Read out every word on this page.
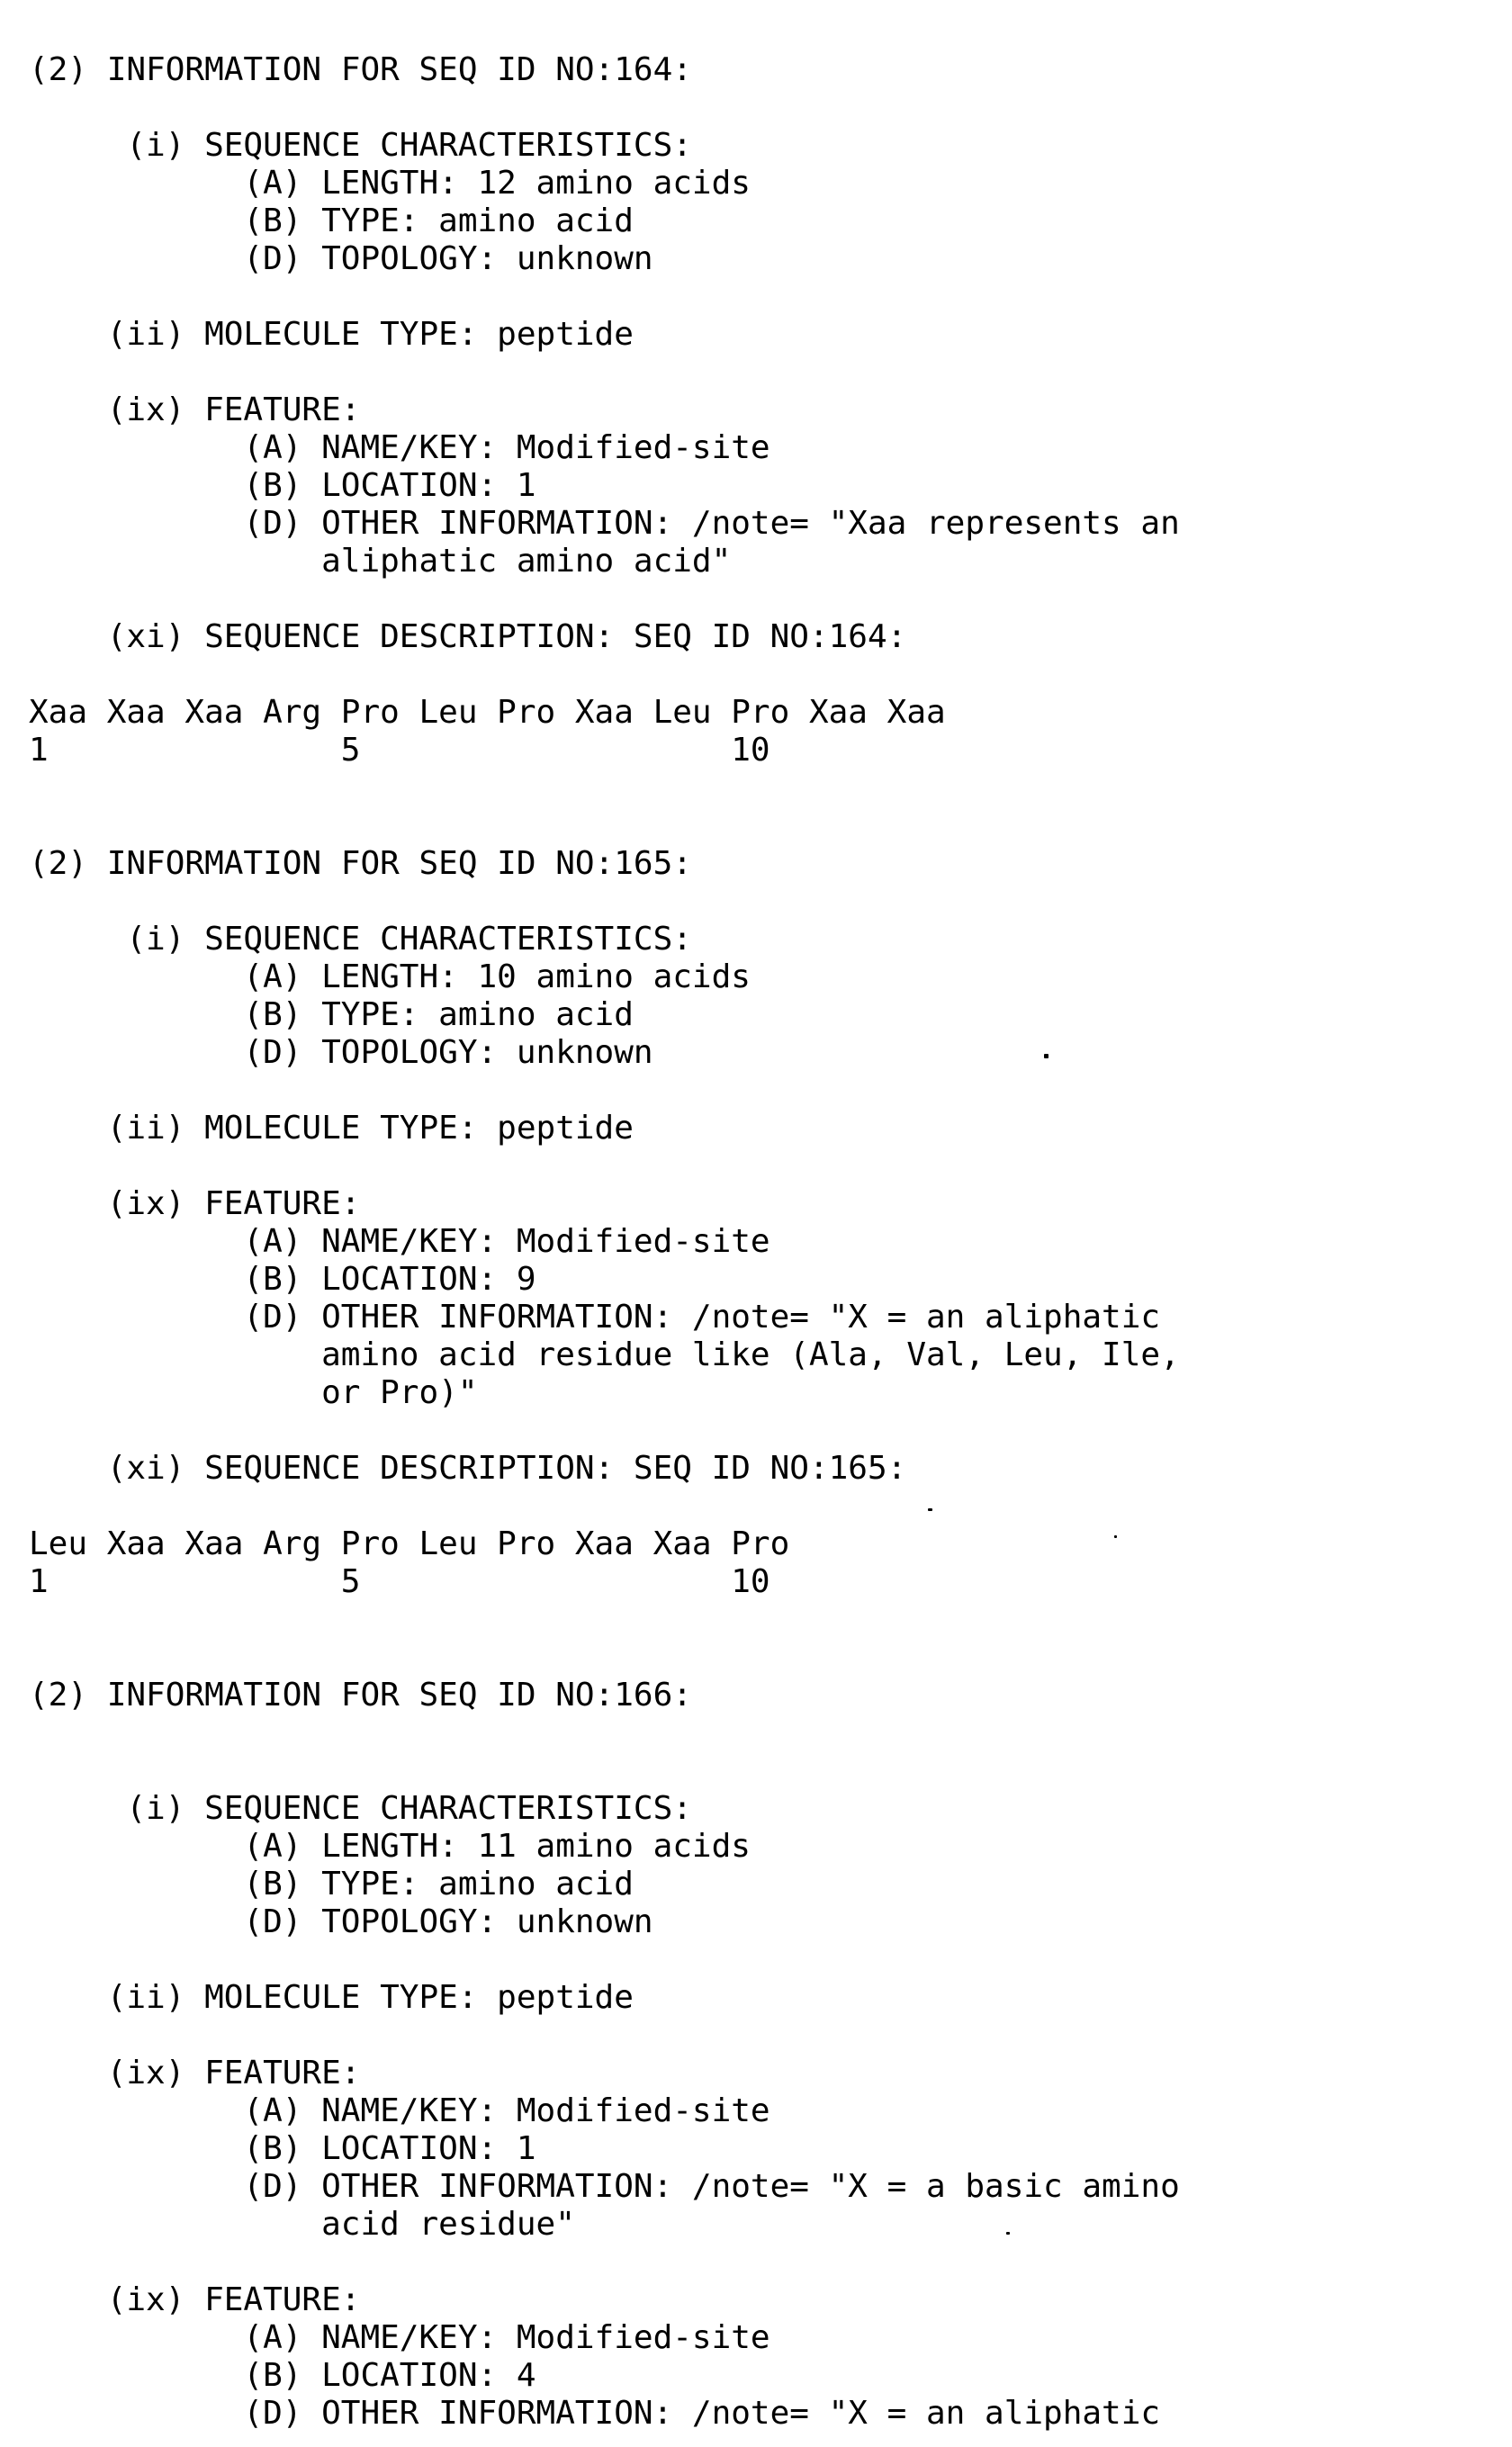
(2) INFORMATION FOR SEQ ID NO:164:
(i) SEQUENCE CHARACTERISTICS:
(A) LENGTH: 12 amino acids
(B) TYPE: amino acid
(D) TOPOLOGY: unknown
(ii) MOLECULE TYPE: peptide
(ix) FEATURE:
(A) NAME/KEY: Modified-site
(B) LOCATION: 1
(D) OTHER INFORMATION: /note= "Xaa represents an
aliphatic amino acid"
(xi) SEQUENCE DESCRIPTION: SEQ ID NO:164:
Xaa Xaa Xaa Arg Pro Leu Pro Xaa Leu Pro Xaa Xaa
1               5                   10
(2) INFORMATION FOR SEQ ID NO:165:
(i) SEQUENCE CHARACTERISTICS:
(A) LENGTH: 10 amino acids
(B) TYPE: amino acid
(D) TOPOLOGY: unknown
(ii) MOLECULE TYPE: peptide
(ix) FEATURE:
(A) NAME/KEY: Modified-site
(B) LOCATION: 9
(D) OTHER INFORMATION: /note= "X = an aliphatic
amino acid residue like (Ala, Val, Leu, Ile,
or Pro)"
(xi) SEQUENCE DESCRIPTION: SEQ ID NO:165:
Leu Xaa Xaa Arg Pro Leu Pro Xaa Xaa Pro
1               5                   10
(2) INFORMATION FOR SEQ ID NO:166:
(i) SEQUENCE CHARACTERISTICS:
(A) LENGTH: 11 amino acids
(B) TYPE: amino acid
(D) TOPOLOGY: unknown
(ii) MOLECULE TYPE: peptide
(ix) FEATURE:
(A) NAME/KEY: Modified-site
(B) LOCATION: 1
(D) OTHER INFORMATION: /note= "X = a basic amino
acid residue"
(ix) FEATURE:
(A) NAME/KEY: Modified-site
(B) LOCATION: 4
(D) OTHER INFORMATION: /note= "X = an aliphatic
